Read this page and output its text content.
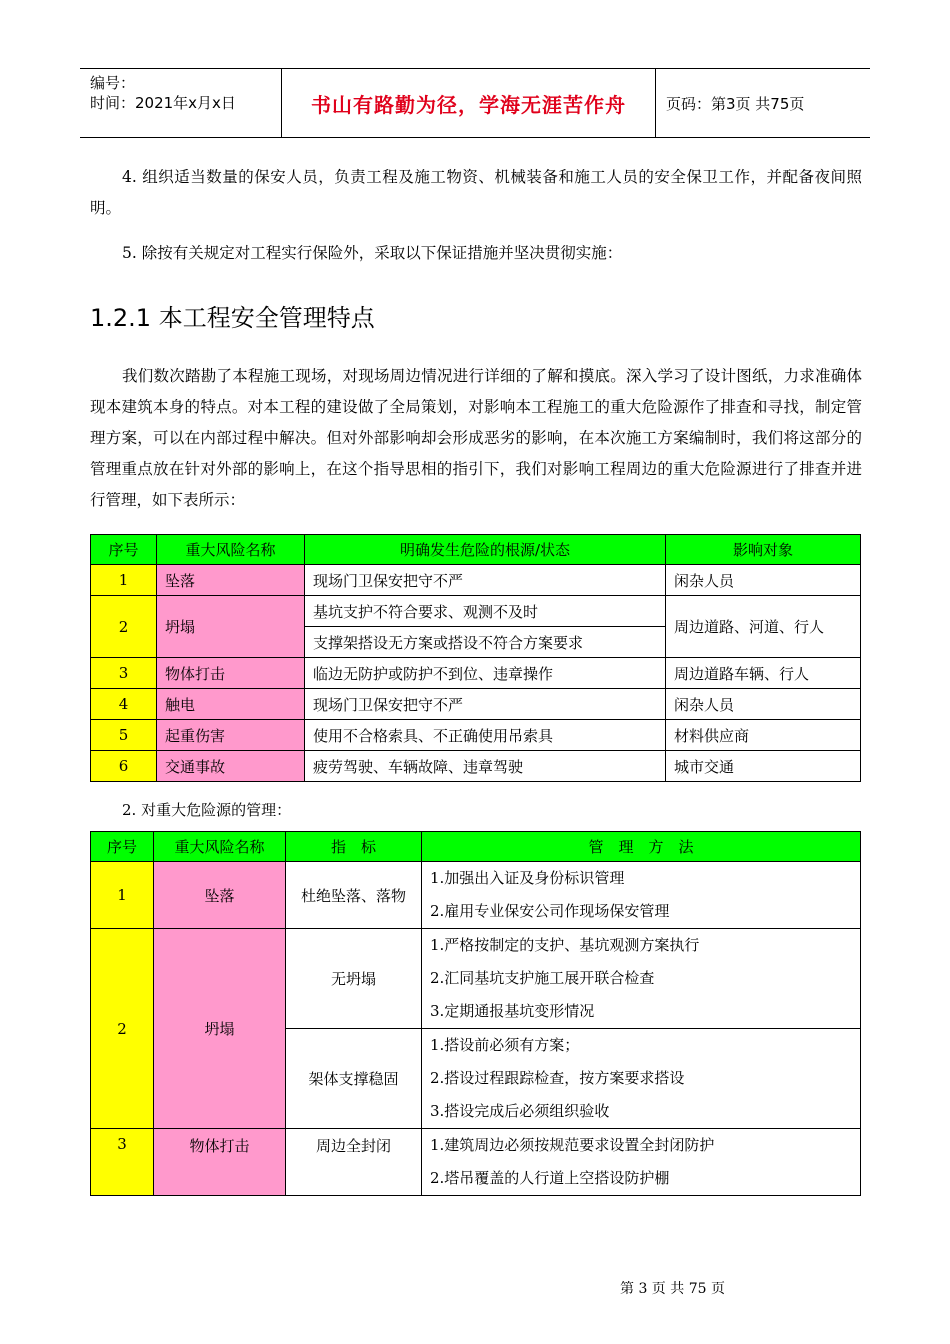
编号：
时间：2021年x月x日	书山有路勤为径，学海无涯苦作舟	页码：第3页 共75页
4. 组织适当数量的保安人员，负责工程及施工物资、机械装备和施工人员的安全保卫工作，并配备夜间照明。
5. 除按有关规定对工程实行保险外，采取以下保证措施并坚决贯彻实施：
1.2.1 本工程安全管理特点
我们数次踏勘了本程施工现场，对现场周边情况进行详细的了解和摸底。深入学习了设计图纸，力求准确体现本建筑本身的特点。对本工程的建设做了全局策划，对影响本工程施工的重大危险源作了排查和寻找，制定管理方案，可以在内部过程中解决。但对外部影响却会形成恶劣的影响，在本次施工方案编制时，我们将这部分的管理重点放在针对外部的影响上，在这个指导思相的指引下，我们对影响工程周边的重大危险源进行了排查并进行管理，如下表所示：
序号	重大风险名称	明确发生危险的根源/状态	影响对象
1	坠落	现场门卫保安把守不严	闲杂人员
2	坍塌	基坑支护不符合要求、观测不及时	周边道路、河道、行人
		支撑架搭设无方案或搭设不符合方案要求	
3	物体打击	临边无防护或防护不到位、违章操作	周边道路车辆、行人
4	触电	现场门卫保安把守不严	闲杂人员
5	起重伤害	使用不合格索具、不正确使用吊索具	材料供应商
6	交通事故	疲劳驾驶、车辆故障、违章驾驶	城市交通
2. 对重大危险源的管理：
序号	重大风险名称	指　标	管　理　方　法
1	坠落	杜绝坠落、落物	1.加强出入证及身份标识管理
2.雇用专业保安公司作现场保安管理

2	坍塌	无坍塌	1.严格按制定的支护、基坑观测方案执行
2.汇同基坑支护施工展开联合检查
3.定期通报基坑变形情况

		架体支撑稳固	1.搭设前必须有方案；
2.搭设过程跟踪检查，按方案要求搭设
3.搭设完成后必须组织验收

3	物体打击	周边全封闭	1.建筑周边必须按规范要求设置全封闭防护
2.塔吊覆盖的人行道上空搭设防护棚
第 3 页 共 75 页
